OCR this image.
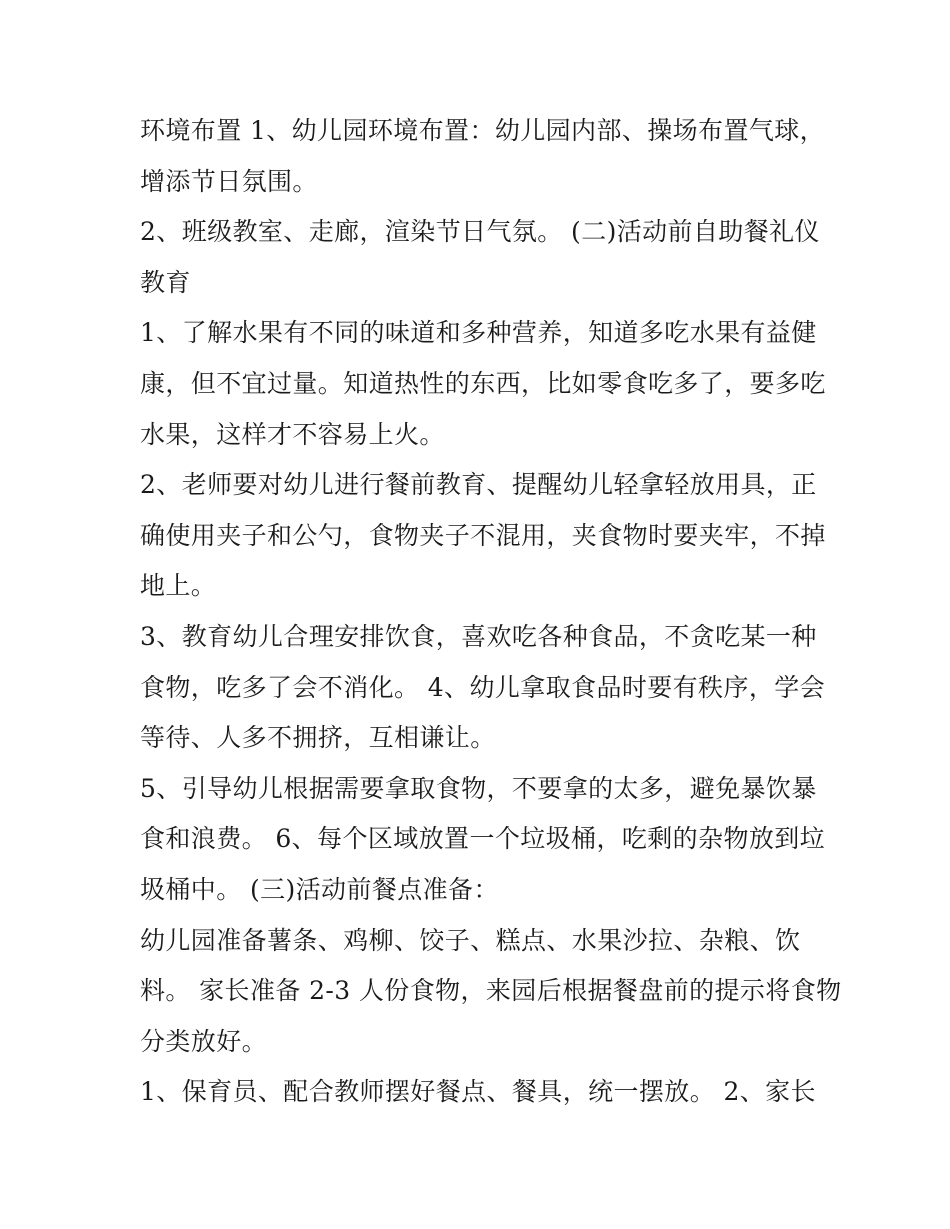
环境布置 1、幼儿园环境布置：幼儿园内部、操场布置气球，

增添节日氛围。

2、班级教室、走廊，渲染节日气氛。 (二)活动前自助餐礼仪

教育

1、了解水果有不同的味道和多种营养，知道多吃水果有益健

康，但不宜过量。知道热性的东西，比如零食吃多了，要多吃

水果，这样才不容易上火。

2、老师要对幼儿进行餐前教育、提醒幼儿轻拿轻放用具，正

确使用夹子和公勺，食物夹子不混用，夹食物时要夹牢，不掉

地上。

3、教育幼儿合理安排饮食，喜欢吃各种食品，不贪吃某一种

食物，吃多了会不消化。 4、幼儿拿取食品时要有秩序，学会

等待、人多不拥挤，互相谦让。

5、引导幼儿根据需要拿取食物，不要拿的太多，避免暴饮暴

食和浪费。 6、每个区域放置一个垃圾桶，吃剩的杂物放到垃

圾桶中。 (三)活动前餐点准备：

幼儿园准备薯条、鸡柳、饺子、糕点、水果沙拉、杂粮、饮

料。 家长准备 2-3 人份食物，来园后根据餐盘前的提示将食物

分类放好。

1、保育员、配合教师摆好餐点、餐具，统一摆放。 2、家长
